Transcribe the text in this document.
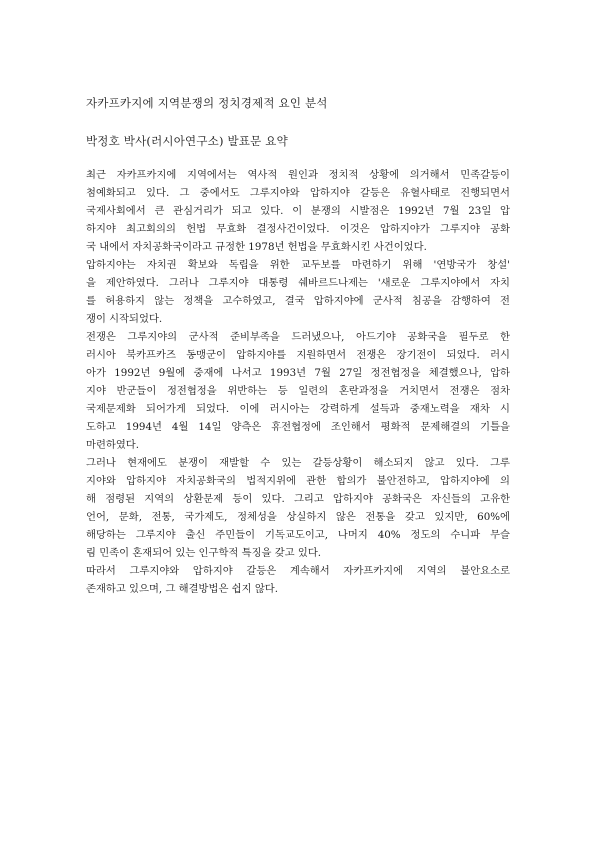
자카프카지에 지역분쟁의 정치경제적 요인 분석
박정호 박사(러시아연구소) 발표문 요약
최근 자카프카지에 지역에서는 역사적 원인과 정치적 상황에 의거해서 민족갈등이
첨예화되고 있다. 그 중에서도 그루지야와 압하지야 갈등은 유혈사태로 진행되면서
국제사회에서 큰 관심거리가 되고 있다. 이 분쟁의 시발점은 1992년 7월 23일 압
하지야 최고회의의 헌법 무효화 결정사건이었다. 이것은 압하지야가 그루지야 공화
국 내에서 자치공화국이라고 규정한 1978년 헌법을 무효화시킨 사건이었다.
압하지야는 자치권 확보와 독립을 위한 교두보를 마련하기 위해 '연방국가 창설'
을 제안하였다. 그러나 그루지야 대통령 쉐바르드나제는 '새로운 그루지야에서 자치
를 허용하지 않는 정책을 고수하였고, 결국 압하지야에 군사적 침공을 감행하여 전
쟁이 시작되었다.
전쟁은 그루지야의 군사적 준비부족을 드러냈으나, 아드기야 공화국을 필두로 한
러시아 북카프카즈 동맹군이 압하지야를 지원하면서 전쟁은 장기전이 되었다. 러시
아가 1992년 9월에 중재에 나서고 1993년 7월 27일 정전협정을 체결했으나, 압하
지야 반군들이 정전협정을 위반하는 등 일련의 혼란과정을 거치면서 전쟁은 점차
국제문제화 되어가게 되었다. 이에 러시아는 강력하게 설득과 중재노력을 재차 시
도하고 1994년 4월 14일 양측은 휴전협정에 조인해서 평화적 문제해결의 기틀을
마련하였다.
그러나 현재에도 분쟁이 재발할 수 있는 갈등상황이 해소되지 않고 있다. 그루
지야와 압하지야 자치공화국의 법적지위에 관한 합의가 불안전하고, 압하지야에 의
해 점령된 지역의 상환문제 등이 있다. 그리고 압하지야 공화국은 자신들의 고유한
언어, 문화, 전통, 국가제도, 정체성을 상실하지 않은 전통을 갖고 있지만, 60%에
해당하는 그루지야 출신 주민들이 기독교도이고, 나머지 40% 정도의 수니파 무슬
림 민족이 혼재되어 있는 인구학적 특징을 갖고 있다.
따라서 그루지야와 압하지야 갈등은 계속해서 자카프카지에 지역의 불안요소로
존재하고 있으며, 그 해결방법은 쉽지 않다.
